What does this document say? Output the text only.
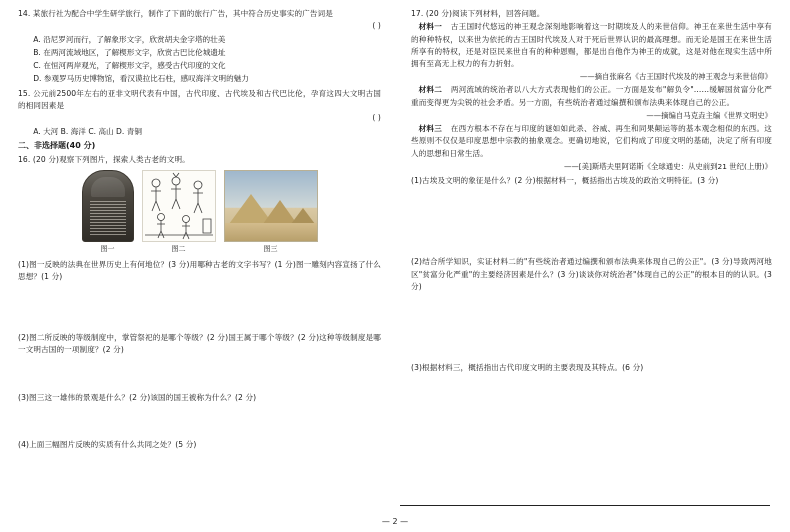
14. 某旅行社为配合中学生研学旅行，制作了下面的旅行广告，其中符合历史事实的广告词是
( )
A. 沿尼罗河而行，了解象形文字，欣赏胡夫金字塔的壮美
B. 在两河流域地区，了解楔形文字，欣赏古巴比伦城遗址
C. 在恒河两岸观光，了解楔形文字，感受古代印度的文化
D. 参观罗马历史博物馆，看汉谟拉比石柱，感叹海洋文明的魅力
15. 公元前2500年左右的亚非文明代表有中国，古代印度、古代埃及和古代巴比伦，孕育这四大文明古国的相同因素是
( )
A. 大河 B. 海洋 C. 高山 D. 青铜
二、非选择题(40 分)
16. (20 分)观察下列图片，探索人类古老的文明。
图一	图二	图三
(1)图一反映的法典在世界历史上有何地位？(3 分)用哪种古老的文字书写？(1 分)图一雕刻内容宣扬了什么思想？(1 分)
(2)图二所反映的等级制度中，掌管祭祀的是哪个等级？(2 分)国王属于哪个等级？(2 分)这种等级制度是哪一文明古国的一项制度？(2 分)
(3)图三这一雄伟的景观是什么？(2 分)该国的国王被称为什么？(2 分)
(4)上面三幅图片反映的实质有什么共同之处？(5 分)
17. (20 分)阅读下列材料，回答问题。
材料一 古王国时代悠远的神王观念深刻地影响着这一时期埃及人的来世信仰。神王在来世生活中享有的种种特权，以来世为依托的古王国时代埃及人对于死后世界认识的最高理想。而无论是国王在来世生活所享有的特权，还是对臣民来世自有的种种恩赐，都是出自他作为神王的成就，这是对他在现实生活中所拥有至高无上权力的有力折射。
——摘自张麻名《古王国时代埃及的神王观念与来世信仰》
材料二 两河流域的统治者以八大方式表现他们的公正。一方面是发布"解负令"……缓解国贫富分化严重而变得更为尖锐的社会矛盾。另一方面，有些统治者通过编撰和颁布法典来体现自己的公正。
——摘编自马克垚主编《世界文明史》
材料三 在西方根本不存在与印度的谜如如此杀、谷威、再生和同果颠运等的基本观念相似的东西。这些原则不仅仅是印度思想中宗教的抽象观念。更确切地说，它们构成了印度文明的基础，决定了所有印度人的思想和日常生活。
——[美]斯塔夫里阿诺斯《全球通史：从史前到21 世纪(上册)》
(1)古埃及文明的象征是什么？(2 分)根据材料一，概括指出古埃及的政治文明特征。(3 分)
(2)结合所学知识，实证材料二的"有些统治者通过编撰和颁布法典来体现自己的公正"。(3 分)导致两河地区"贫富分化严重"的主要经济因素是什么？(3 分)谈谈你对统治者"体现自己的公正"的根本目的的认识。(3 分)
(3)根据材料三，概括指出古代印度文明的主要表现及其特点。(6 分)
— 2 —
